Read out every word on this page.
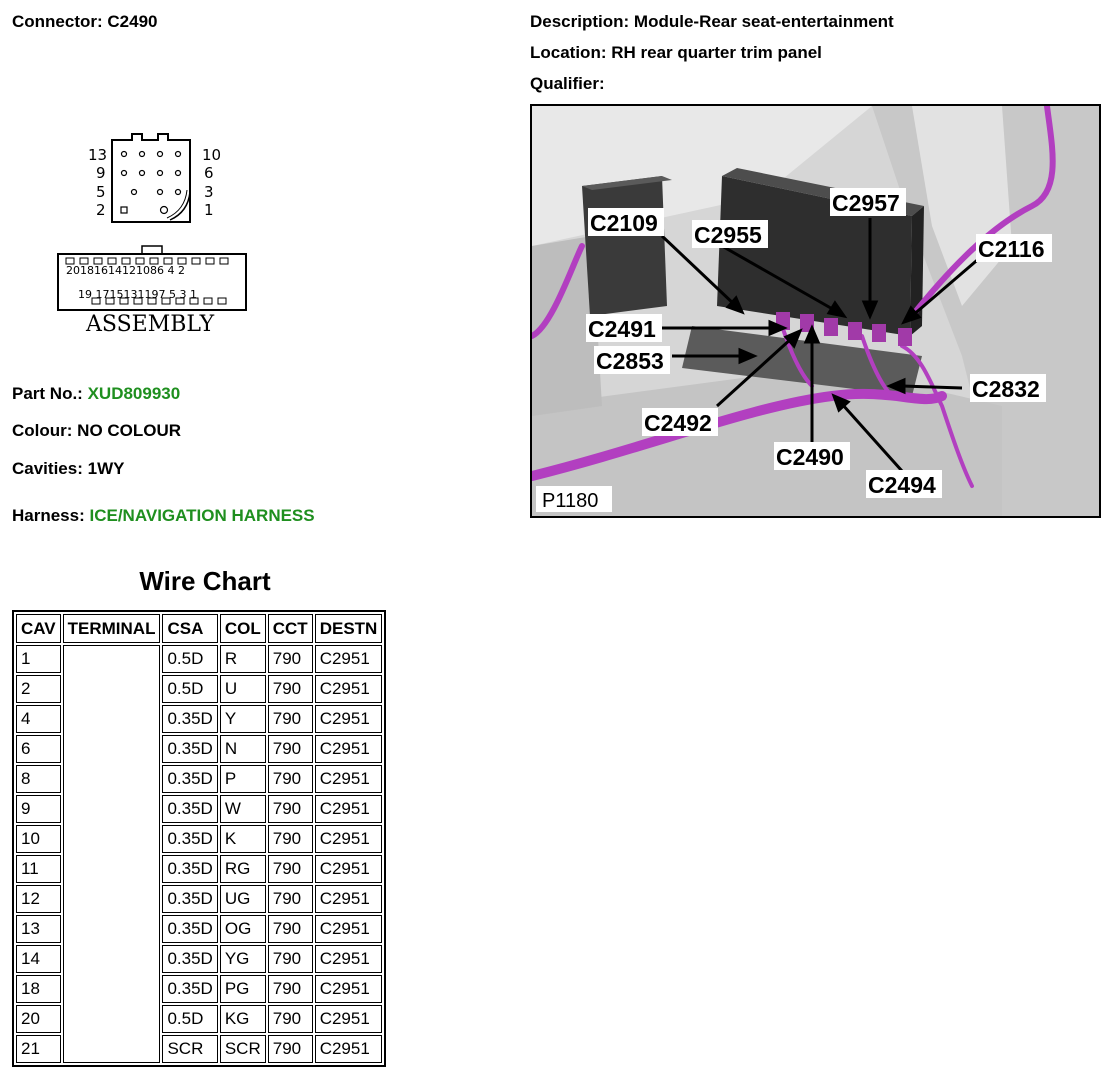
Connector: C2490	Description: Module-Rear seat-entertainment
Location: RH rear quarter trim panel
Qualifier:
13	10
9	6
5	3
2	1
20181614121086 4 2
19 1715131197 5 3 1
ASSEMBLY
Part No.: XUD809930
Colour: NO COLOUR
Cavities: 1WY
Harness: ICE/NAVIGATION HARNESS
C2109 C2955
C2957
C2116
C2491
C2853
C2832
C2492
C2490
C2494
P1180
Wire Chart
CAV	TERMINAL	CSA	COL	CCT	DESTN
1		0.5D	R	790	C2951
2		0.5D	U	790	C2951
4		0.35D	Y	790	C2951
6		0.35D	N	790	C2951
8		0.35D	P	790	C2951
9		0.35D	W	790	C2951
10		0.35D	K	790	C2951
11		0.35D	RG	790	C2951
12		0.35D	UG	790	C2951
13		0.35D	OG	790	C2951
14		0.35D	YG	790	C2951
18		0.35D	PG	790	C2951
20		0.5D	KG	790	C2951
21		SCR	SCR	790	C2951
